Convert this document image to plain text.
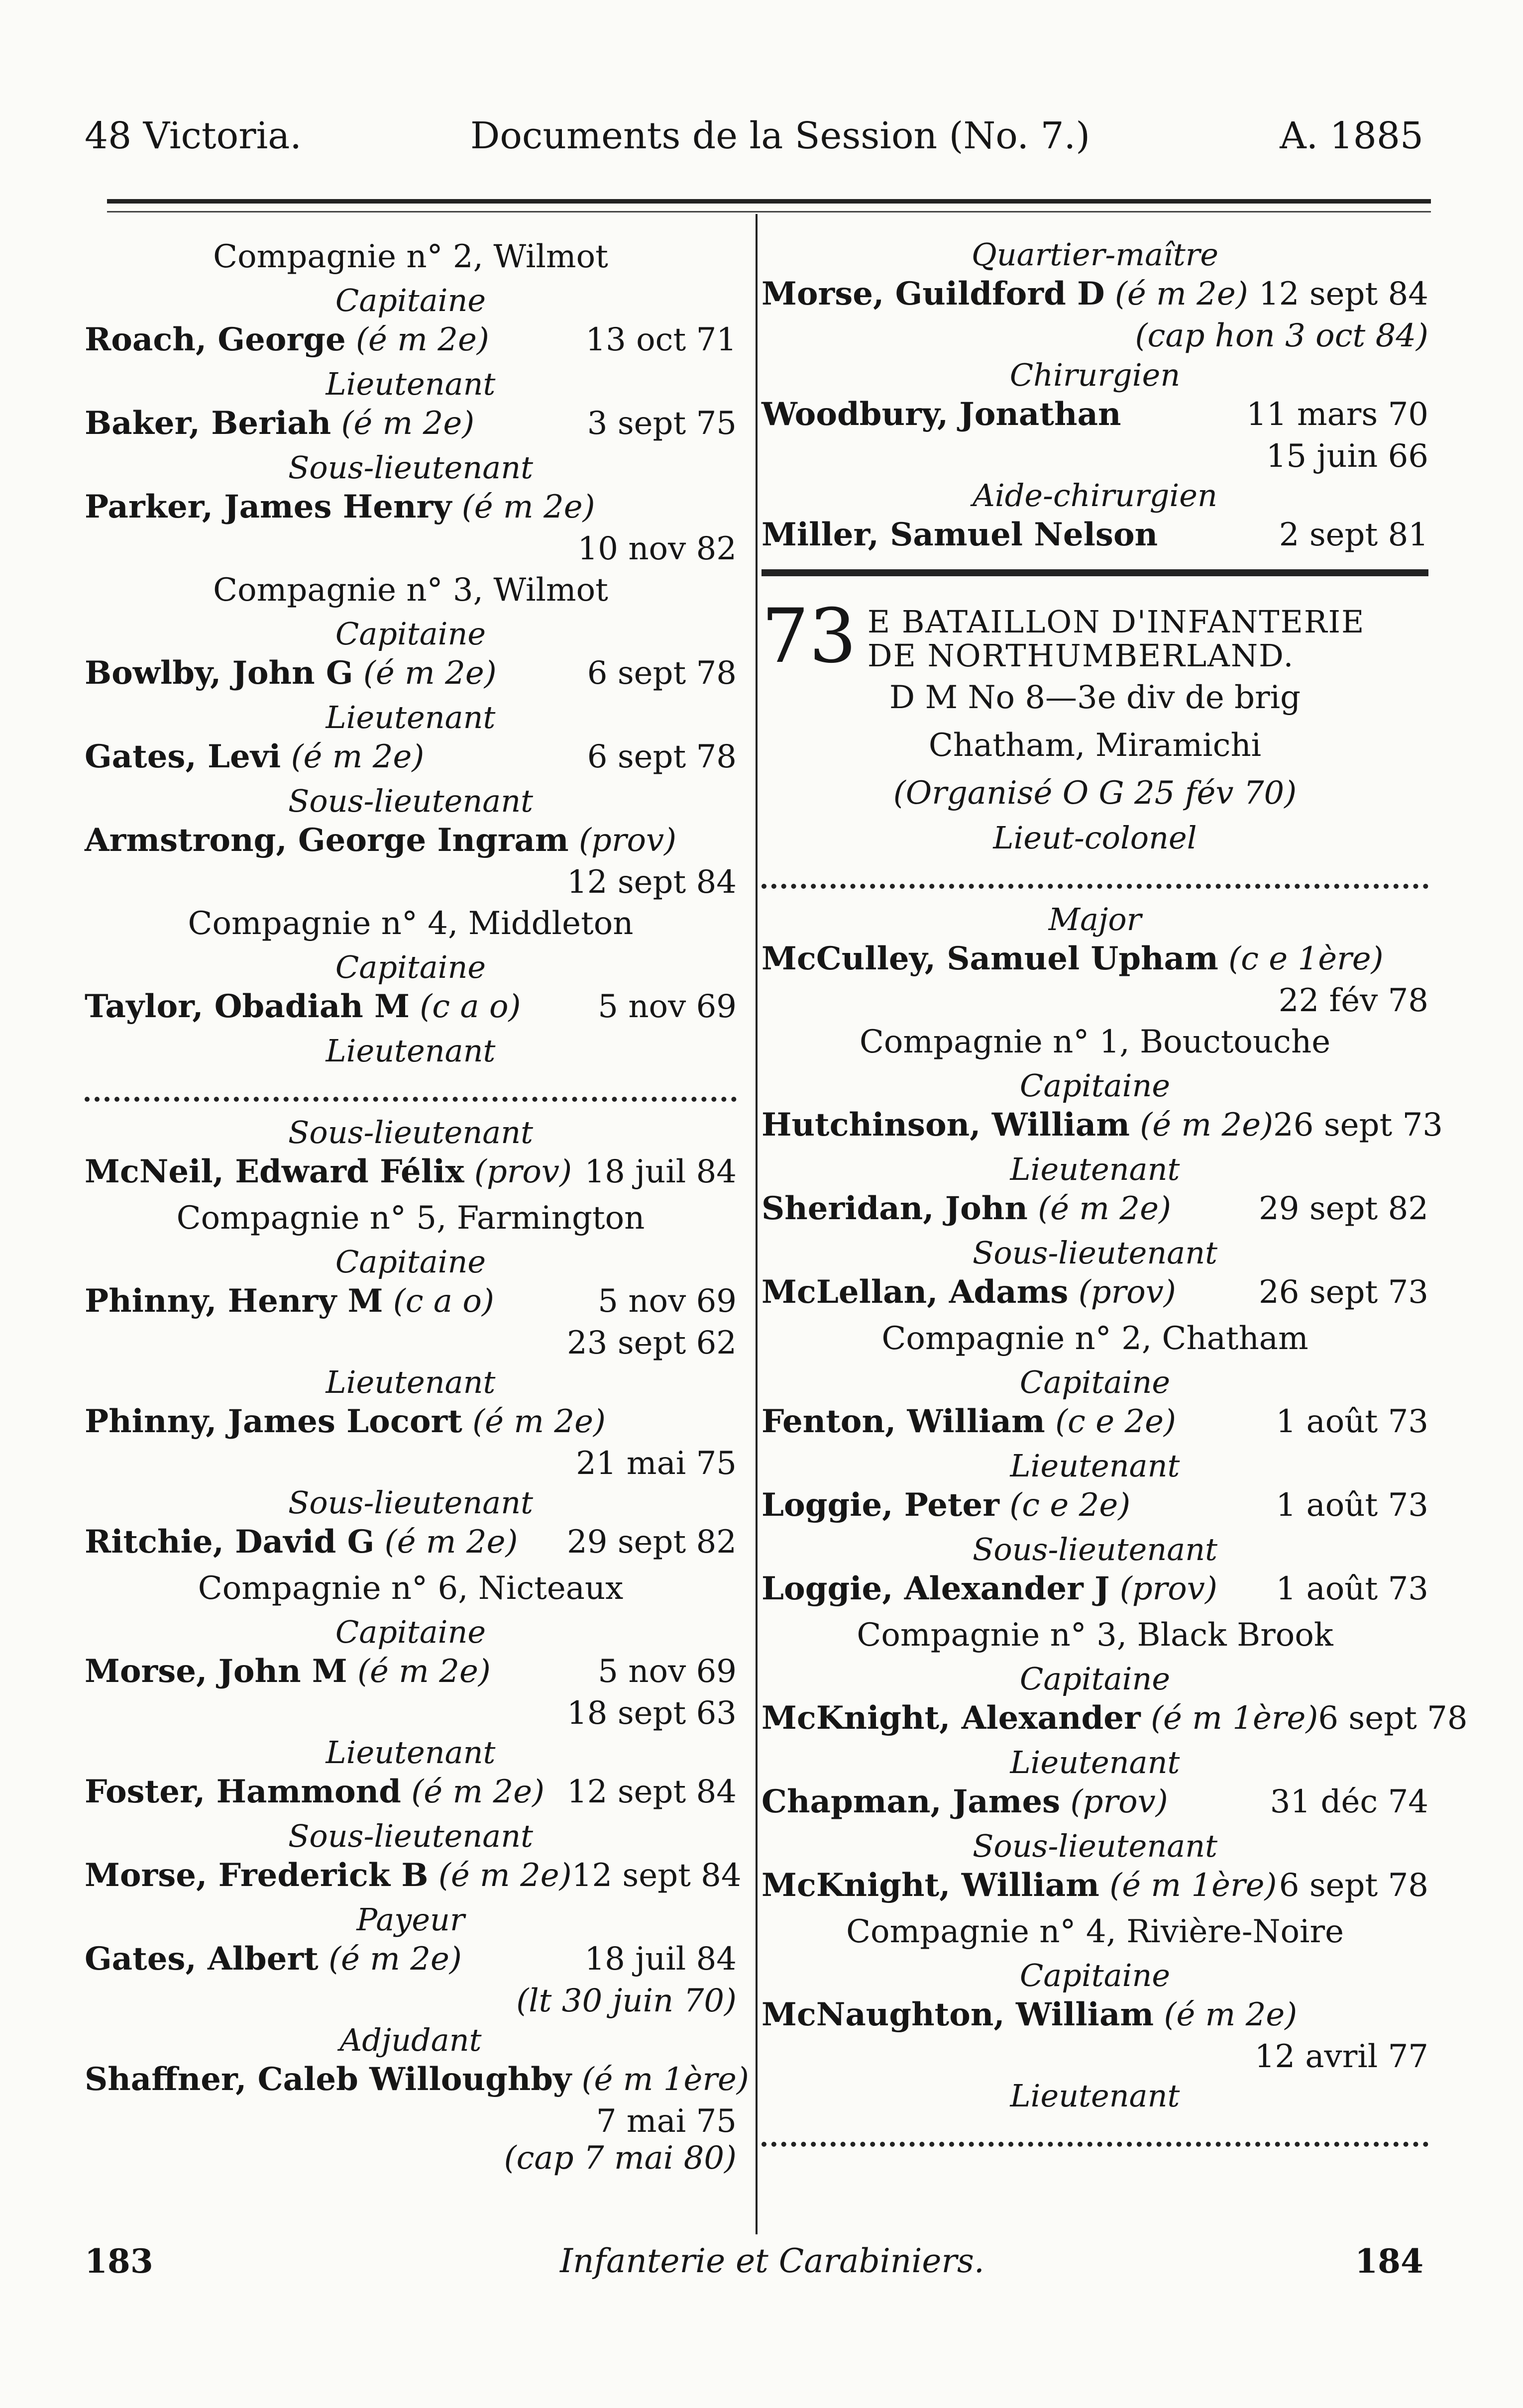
48 Victoria.	Documents de la Session (No. 7.)	A. 1885
Compagnie n° 2, Wilmot
Capitaine
Roach, George (é m 2e)	13 oct 71
Lieutenant
Baker, Beriah (é m 2e)	3 sept 75
Sous-lieutenant
Parker, James Henry (é m 2e)
10 nov 82
Compagnie n° 3, Wilmot
Capitaine
Bowlby, John G (é m 2e)	6 sept 78
Lieutenant
Gates, Levi (é m 2e)	6 sept 78
Sous-lieutenant
Armstrong, George Ingram (prov)
12 sept 84
Compagnie n° 4, Middleton
Capitaine
Taylor, Obadiah M (c a o) 5 nov 69
Lieutenant
Sous-lieutenant
McNeil, Edward Félix (prov) 18 juil 84
Compagnie n° 5, Farmington
Capitaine
Phinny, Henry M (c a o)	5 nov 69
23 sept 62
Lieutenant
Phinny, James Locort (é m 2e)
21 mai 75
Sous-lieutenant
Ritchie, David G (é m 2e) 29 sept 82
Compagnie n° 6, Nicteaux
Capitaine
Morse, John M (é m 2e)	5 nov 69
18 sept 63
Lieutenant
Foster, Hammond (é m 2e) 12 sept 84
Sous-lieutenant
Morse, Frederick B (é m 2e) 12 sept 84
Payeur
Gates, Albert (é m 2e)	18 juil 84
(lt 30 juin 70)
Adjudant
Shaffner, Caleb Willoughby (é m 1ère)
7 mai 75
(cap 7 mai 80)
Quartier-maître
Morse, Guildford D (é m 2e) 12 sept 84
(cap hon 3 oct 84)
Chirurgien
Woodbury, Jonathan	11 mars 70
15 juin 66
Aide-chirurgien
Miller, Samuel Nelson	2 sept 81
73 E BATAILLON D'INFANTERIE
DE NORTHUMBERLAND.
D M No 8—3e div de brig
Chatham, Miramichi
(Organisé O G 25 fév 70)
Lieut-colonel
Major
McCulley, Samuel Upham (c e 1ère)
22 fév 78
Compagnie n° 1, Bouctouche
Capitaine
Hutchinson, William (é m 2e) 26 sept 73
Lieutenant
Sheridan, John (é m 2e)	29 sept 82
Sous-lieutenant
McLellan, Adams (prov)	26 sept 73
Compagnie n° 2, Chatham
Capitaine
Fenton, William (c e 2e)	1 août 73
Lieutenant
Loggie, Peter (c e 2e)	1 août 73
Sous-lieutenant
Loggie, Alexander J (prov) 1 août 73
Compagnie n° 3, Black Brook
Capitaine
McKnight, Alexander (é m 1ère) 6 sept 78
Lieutenant
Chapman, James (prov)	31 déc 74
Sous-lieutenant
McKnight, William (é m 1ère) 6 sept 78
Compagnie n° 4, Rivière-Noire
Capitaine
McNaughton, William (é m 2e)
12 avril 77
Lieutenant
183	Infanterie et Carabiniers.	184
